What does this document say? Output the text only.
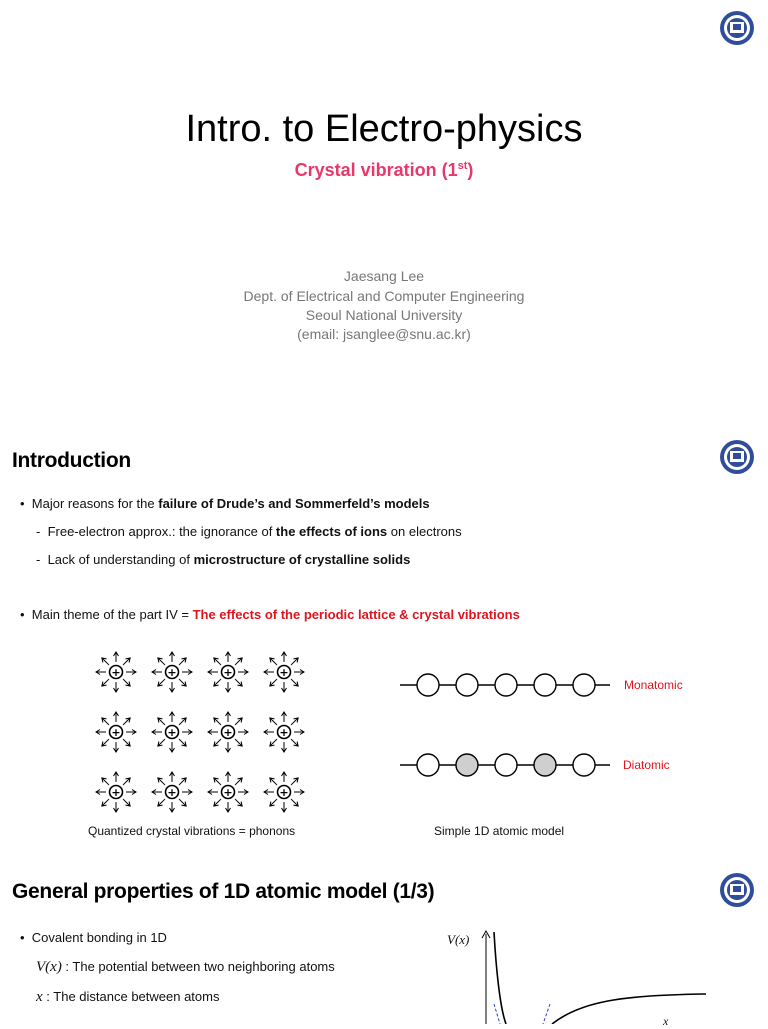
Intro. to Electro-physics
Crystal vibration (1st)
Jaesang Lee
Dept. of Electrical and Computer Engineering
Seoul National University
(email: jsanglee@snu.ac.kr)
Introduction
• Major reasons for the failure of Drude’s and Sommerfeld’s models
-  Free-electron approx.: the ignorance of the effects of ions on electrons
-  Lack of understanding of microstructure of crystalline solids
• Main theme of the part IV = The effects of the periodic lattice & crystal vibrations
+	+	+	+
+	+	+	+
+	+	+	+
Monatomic
Diatomic
Quantized crystal vibrations = phonons	Simple 1D atomic model
General properties of 1D atomic model (1/3)
• Covalent bonding in 1D
V(x) : The potential between two neighboring atoms
x : The distance between atoms
V(x)
x
